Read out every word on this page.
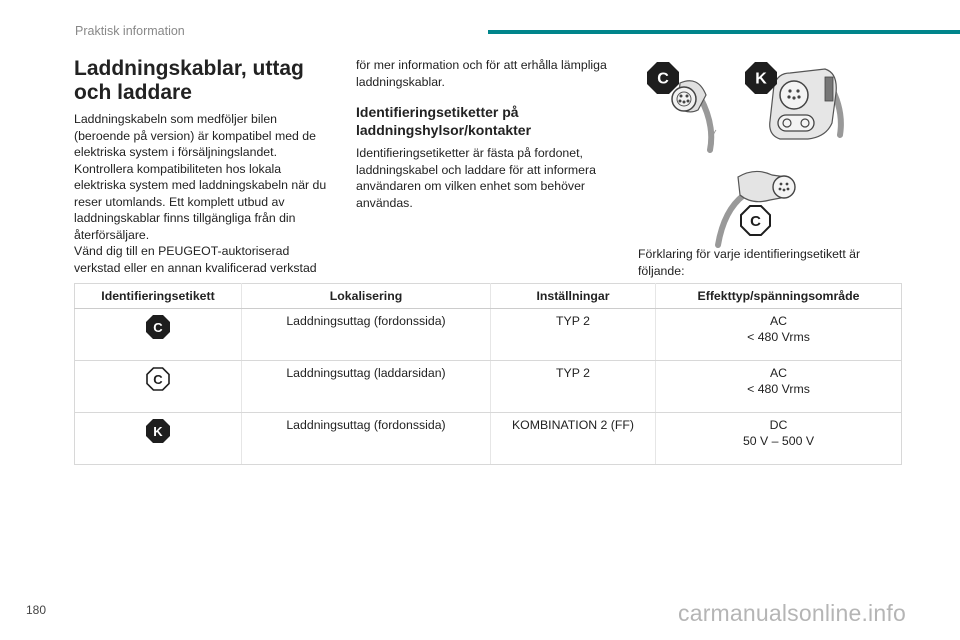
Praktisk information
Laddningskablar, uttag och laddare

Laddningskabeln som medföljer bilen (beroende på version) är kompatibel med de elektriska system i försäljningslandet. Kontrollera kompatibiliteten hos lokala elektriska system med laddningskabeln när du reser utomlands. Ett komplett utbud av laddningskablar finns tillgängliga från din återförsäljare.

Vänd dig till en PEUGEOT-auktoriserad verkstad eller en annan kvalificerad verkstad

för mer information och för att erhålla lämpliga laddningskablar.

Identifieringsetiketter på laddningshylsor/kontakter

Identifieringsetiketter är fästa på fordonet, laddningskabel och laddare för att informera användaren om vilken enhet som behöver användas.

C	K
C
Förklaring för varje identifieringsetikett är följande:
Identifieringsetikett	Lokalisering	Inställningar	Effekttyp/spänningsområde

C	Laddningsuttag (fordonssida)	TYP 2	AC
< 480 Vrms

C	Laddningsuttag (laddarsidan)	TYP 2	AC
< 480 Vrms

K	Laddningsuttag (fordonssida)	KOMBINATION 2 (FF)	DC
50 V – 500 V
180	carmanualsonline.info
